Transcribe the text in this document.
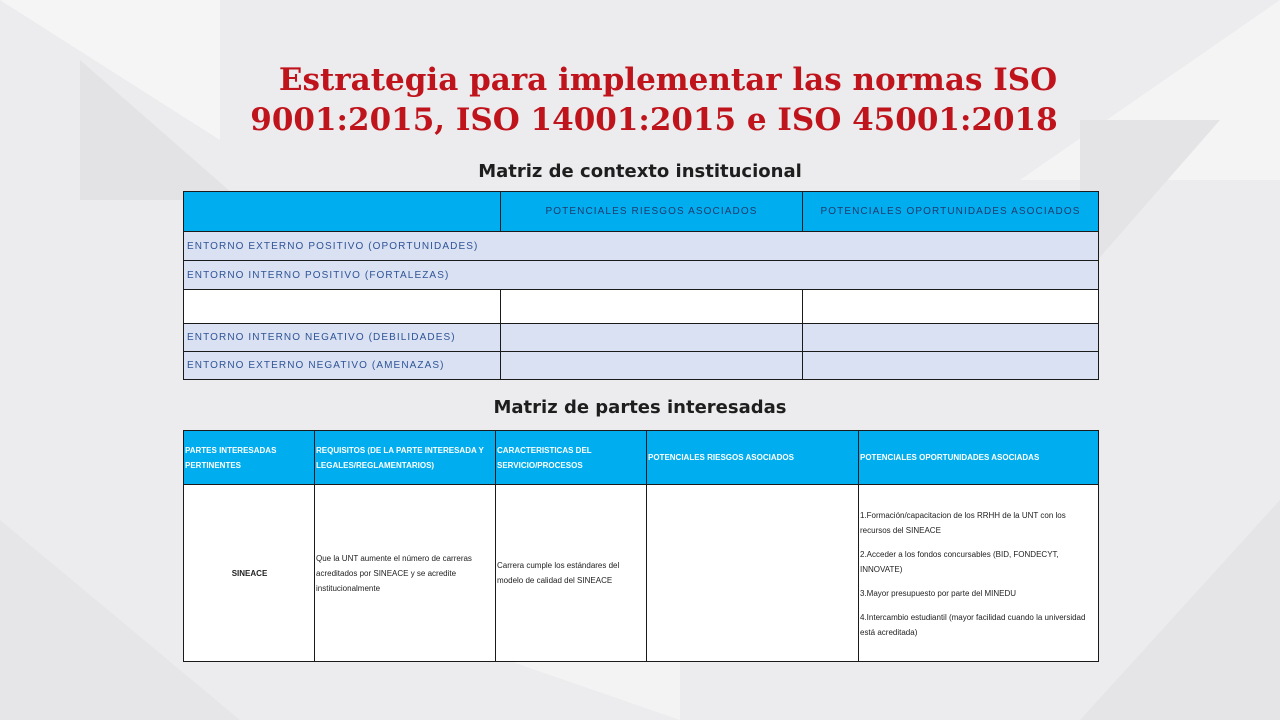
Estrategia para implementar las normas ISO
9001:2015, ISO 14001:2015 e ISO 45001:2018
Matriz de contexto institucional
	POTENCIALES RIESGOS ASOCIADOS	POTENCIALES OPORTUNIDADES ASOCIADOS
ENTORNO EXTERNO POSITIVO (OPORTUNIDADES)		
ENTORNO INTERNO POSITIVO (FORTALEZAS)		

ENTORNO INTERNO NEGATIVO (DEBILIDADES)		
ENTORNO EXTERNO NEGATIVO (AMENAZAS)		
Matriz de partes interesadas
PARTES INTERESADAS PERTINENTES	REQUISITOS (DE LA PARTE INTERESADA Y LEGALES/REGLAMENTARIOS)	CARACTERISTICAS DEL SERVICIO/PROCESOS	POTENCIALES RIESGOS ASOCIADOS	POTENCIALES OPORTUNIDADES ASOCIADAS
SINEACE	Que la UNT aumente el número de carreras acreditados por SINEACE y se acredite institucionalmente	Carrera cumple los estándares del modelo de calidad del SINEACE		1.Formación/capacitacion de los RRHH de la UNT con los recursos del SINEACE
2.Acceder a los fondos concursables (BID, FONDECYT, INNOVATE)
3.Mayor presupuesto por parte del MINEDU
4.Intercambio estudiantil (mayor facilidad cuando la universidad está acreditada)
